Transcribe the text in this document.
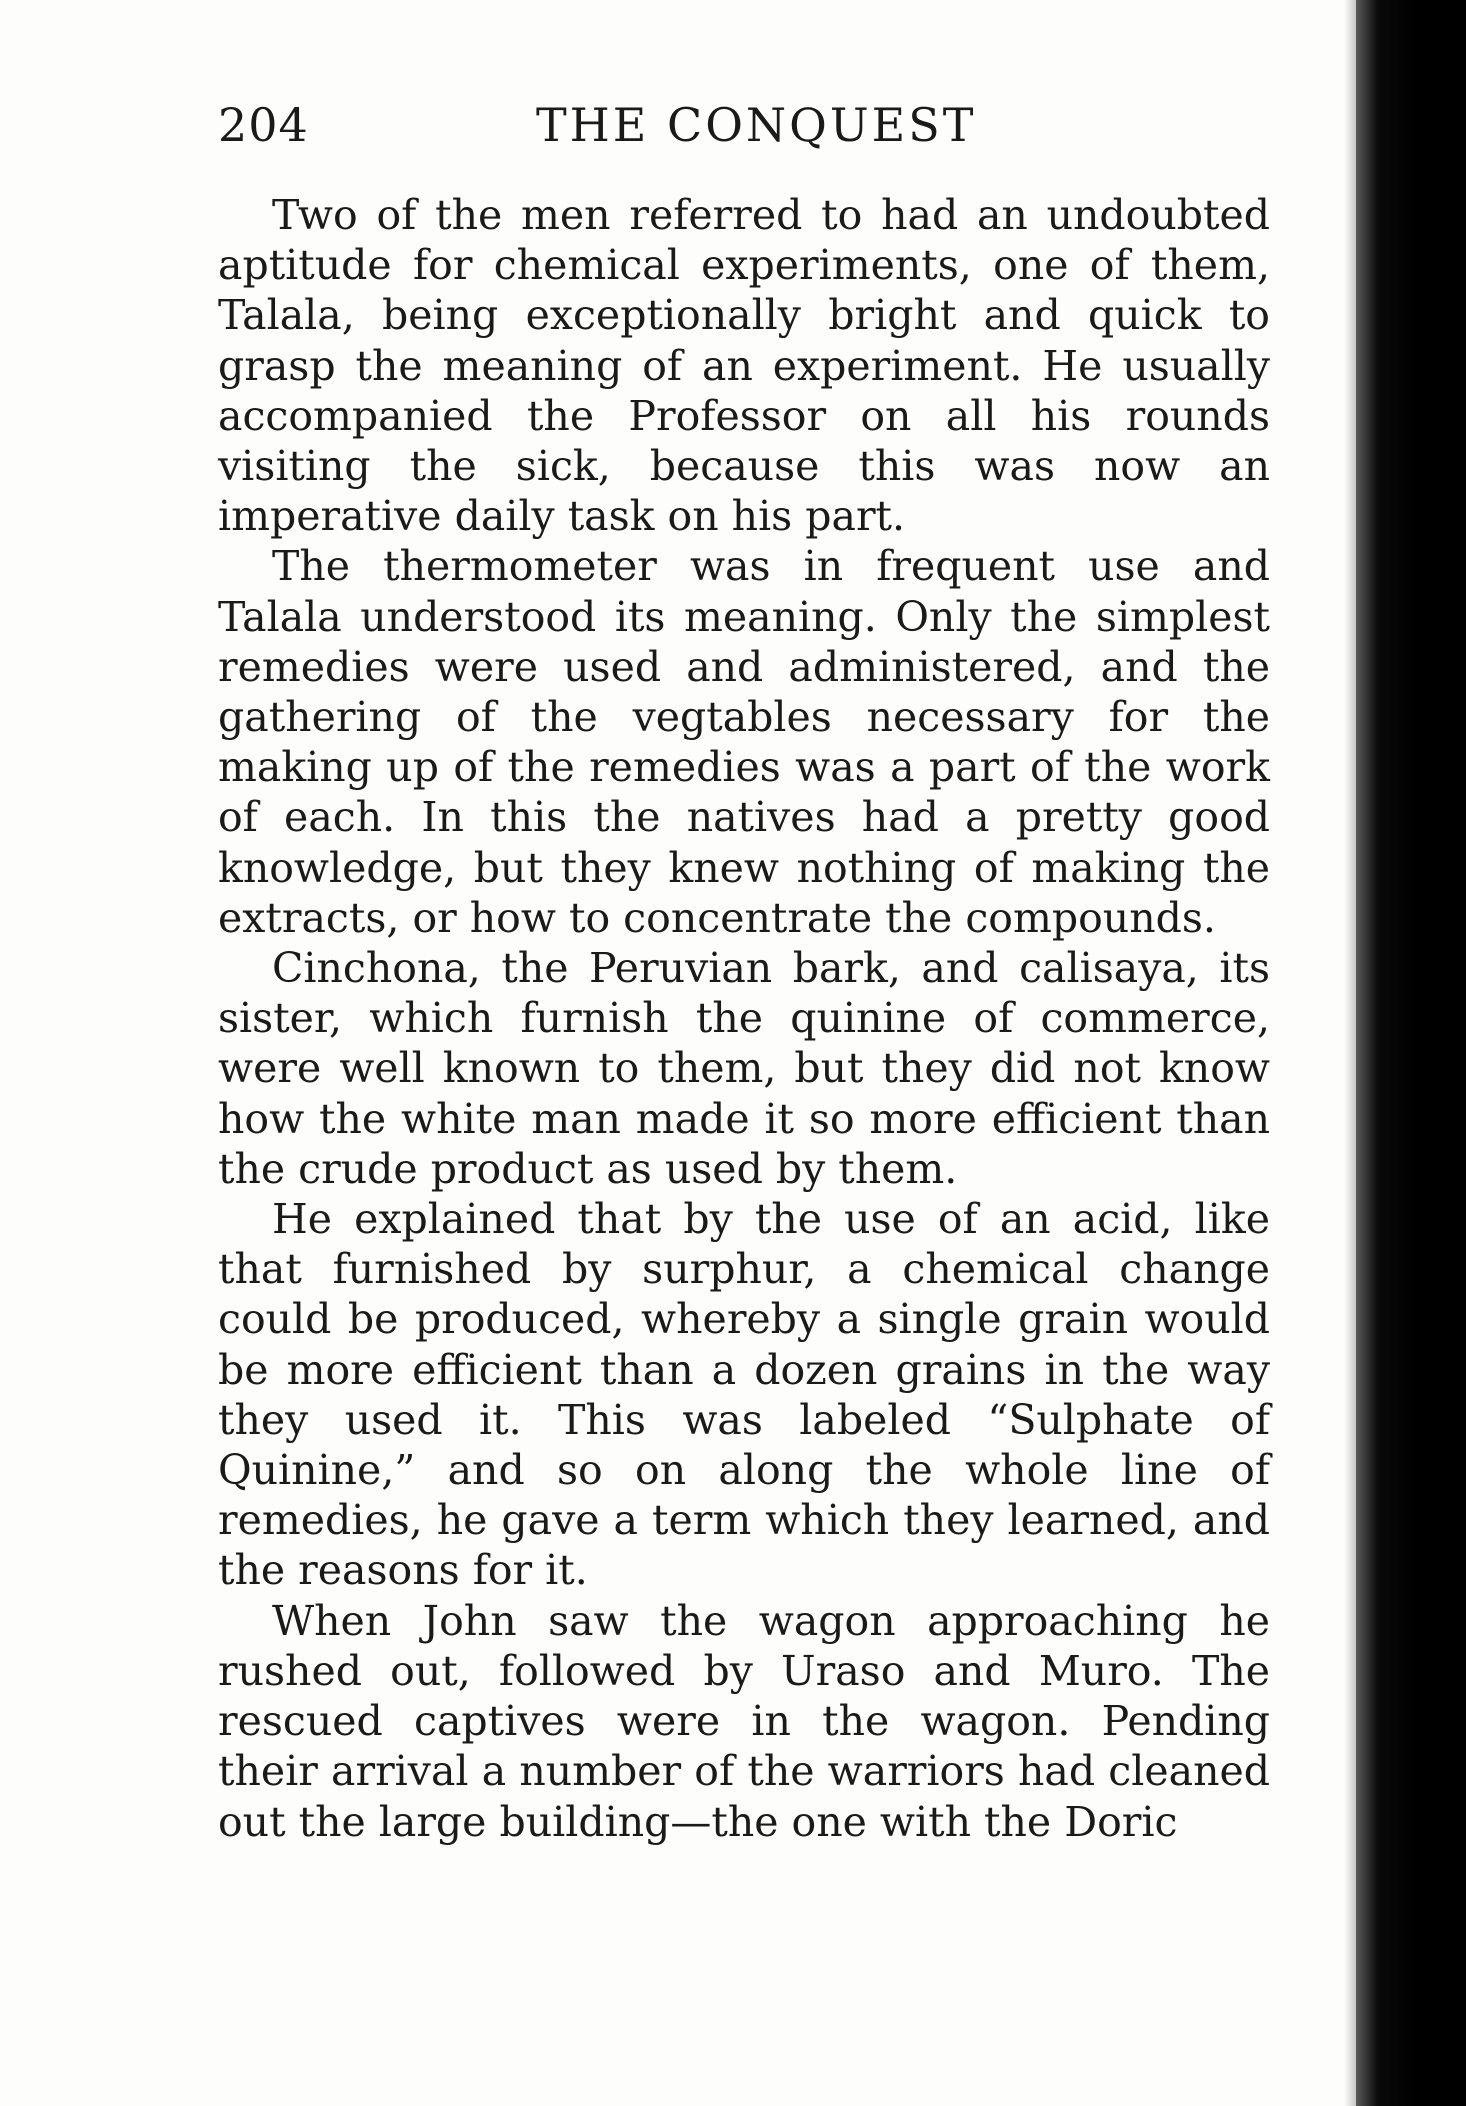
204	THE CONQUEST

Two of the men referred to had an undoubted aptitude for chemical experiments, one of them, Talala, being exceptionally bright and quick to grasp the meaning of an experiment. He usually accompanied the Professor on all his rounds visiting the sick, because this was now an imperative daily task on his part.

The thermometer was in frequent use and Talala understood its meaning. Only the simplest remedies were used and administered, and the gathering of the vegtables necessary for the making up of the remedies was a part of the work of each. In this the natives had a pretty good knowledge, but they knew nothing of making the extracts, or how to concentrate the compounds.

Cinchona, the Peruvian bark, and calisaya, its sister, which furnish the quinine of commerce, were well known to them, but they did not know how the white man made it so more efficient than the crude product as used by them.

He explained that by the use of an acid, like that furnished by surphur, a chemical change could be produced, whereby a single grain would be more efficient than a dozen grains in the way they used it. This was labeled “Sulphate of Quinine,” and so on along the whole line of remedies, he gave a term which they learned, and the reasons for it.

When John saw the wagon approaching he rushed out, followed by Uraso and Muro. The rescued captives were in the wagon. Pending their arrival a number of the warriors had cleaned out the large building—the one with the Doric
